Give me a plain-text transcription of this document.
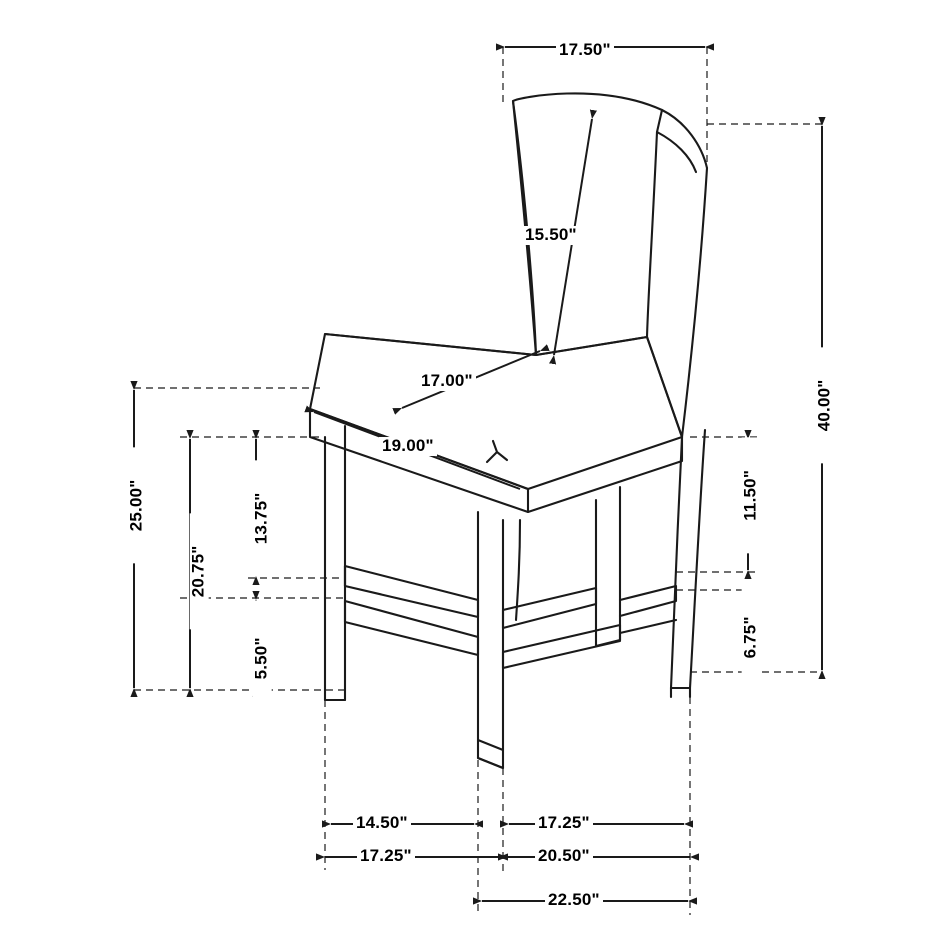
17.50"
15.50"
17.00"
19.00"
40.00"
25.00"	13.75"
20.75"
5.50"
11.50"
6.75"
14.50"	17.25"
17.25"	20.50"
22.50"
